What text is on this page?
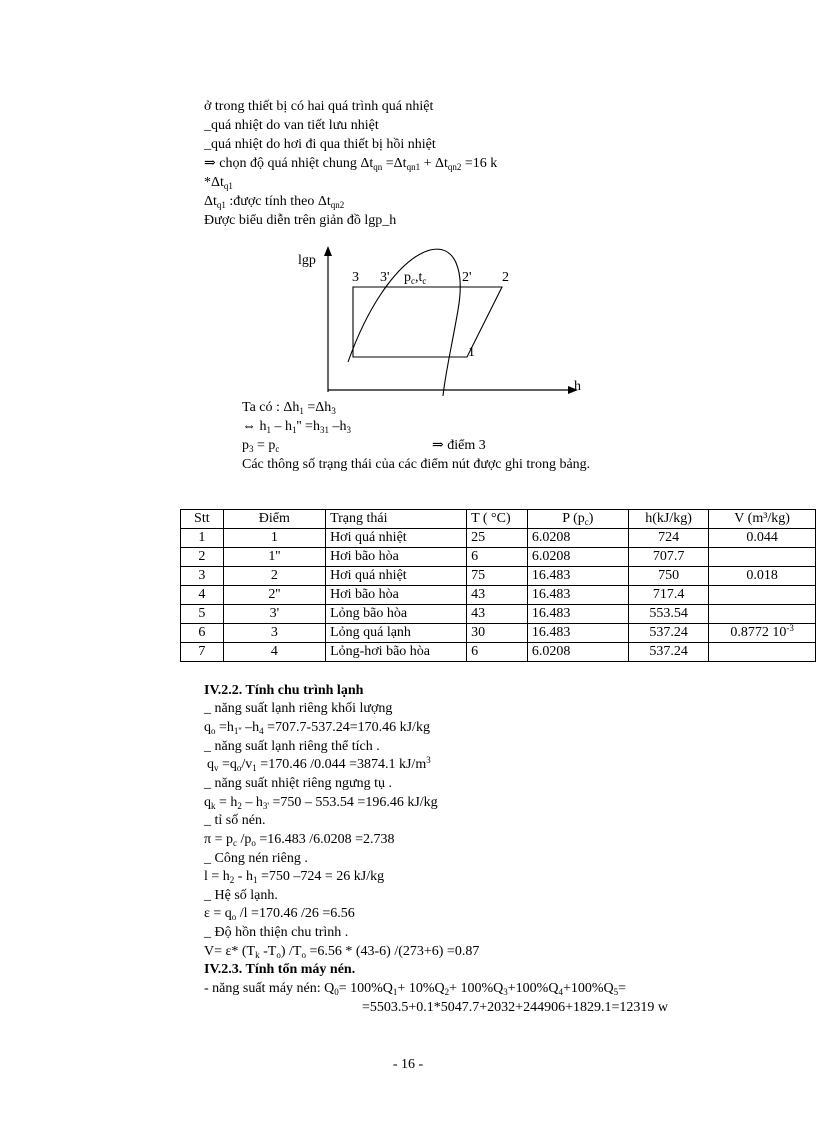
ở trong thiết bị có hai quá trình quá nhiệt
_quá nhiệt do van tiết lưu nhiệt
_quá nhiệt do hơi đi qua thiết bị hồi nhiệt
⇒ chọn độ quá nhiệt chung $\Delta t_{qn} =\Delta t_{qn1} + \Delta t_{qn2} =16$ k
$*\Delta t_{q1}$
$\Delta t_{q1}$ :được tính theo $\Delta t_{qn2}$
Được biểu diễn trên giản đồ lgp_h
lgp
h
3 3' $p_c,t_c$	2' 2
1
Ta có : $\Delta h_1 =\Delta h_3$
⇔ $h_1 - h_1'' =h_{31}$ $-h_3$
$p_3 = p_c$	⇒ điểm 3
Các thông số trạng thái của các điểm nút được ghi trong bảng.
Stt	Điểm	Trạng thái	T ( °C)	P $(p_c)$	h(kJ/kg)	V (m³/kg)
1	1	Hơi quá nhiệt	25	6.0208	724	0.044
2	1''	Hơi bão hòa	6	6.0208	707.7	
3	2	Hơi quá nhiệt	75	16.483	750	0.018
4	2''	Hơi bão hòa	43	16.483	717.4	
5	3'	Lỏng bão hòa	43	16.483	553.54	
6	3	Lỏng quá lạnh	30	16.483	537.24	0.8772 $10^{-3}$
7	4	Lỏng-hơi bão hòa	6	6.0208	537.24	
IV.2.2. Tính chu trình lạnh
_ năng suất lạnh riêng khối lượng
$q_o =h_{1''}$ $-h_4 =707.7-537.24=170.46$ kJ/kg
_ năng suất lạnh riêng thể tích .
$q_v =q_o/v_1 =170.46$ /0.044 =3874.1 $kJ/m^3$
_ năng suất nhiệt riêng ngưng tụ .
$q_k = h_2 - h_{3'} =750 - 553.54 =196.46$ kJ/kg
_ tỉ số nén.
$\pi = p_c$ $/p_o =16.483$ /6.0208 =2.738
_ Công nén riêng .
$l = h_2 - h_1 =750$ –724 = 26 kJ/kg
_ Hệ số lạnh.
$\varepsilon = q_o$ /l =170.46 /26 =6.56
_ Độ hồn thiện chu trình .
V= ε* ($T_k$ $-T_o$) $/T_o =6.56 * (43-6)$ /(273+6) =0.87
IV.2.3. Tính tổn máy nén.
- năng suất máy nén: $Q_0= 100\%Q_1+ 10\%Q_2+ 100\%Q_3+100\%Q_4+100\%Q_5=$
=5503.5+0.1*5047.7+2032+244906+1829.1=12319 w
- 16 -
